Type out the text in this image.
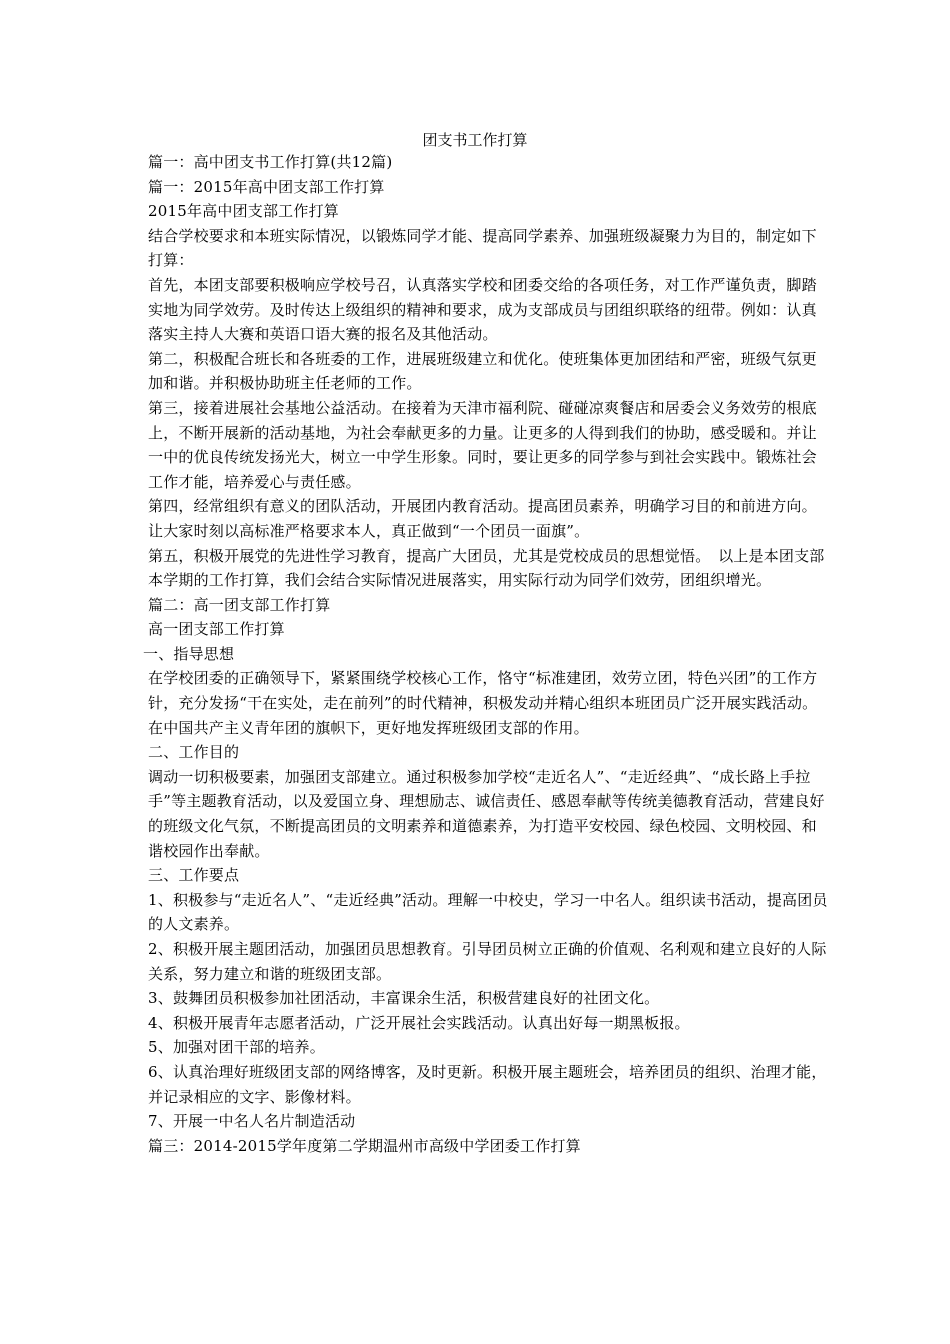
团支书工作打算

篇一：高中团支书工作打算(共12篇)

篇一：2015年高中团支部工作打算

2015年高中团支部工作打算

结合学校要求和本班实际情况，以锻炼同学才能、提高同学素养、加强班级凝聚力为目的，制定如下打算：

首先，本团支部要积极响应学校号召，认真落实学校和团委交给的各项任务，对工作严谨负责，脚踏实地为同学效劳。及时传达上级组织的精神和要求，成为支部成员与团组织联络的纽带。例如：认真落实主持人大赛和英语口语大赛的报名及其他活动。

第二，积极配合班长和各班委的工作，进展班级建立和优化。使班集体更加团结和严密，班级气氛更加和谐。并积极协助班主任老师的工作。

第三，接着进展社会基地公益活动。在接着为天津市福利院、碰碰凉爽餐店和居委会义务效劳的根底上，不断开展新的活动基地，为社会奉献更多的力量。让更多的人得到我们的协助，感受暖和。并让一中的优良传统发扬光大，树立一中学生形象。同时，要让更多的同学参与到社会实践中。锻炼社会工作才能，培养爱心与责任感。

第四，经常组织有意义的团队活动，开展团内教育活动。提高团员素养，明确学习目的和前进方向。让大家时刻以高标准严格要求本人，真正做到“一个团员一面旗”。

第五，积极开展党的先进性学习教育，提高广大团员，尤其是党校成员的思想觉悟。　以上是本团支部本学期的工作打算，我们会结合实际情况进展落实，用实际行动为同学们效劳，团组织增光。

篇二：高一团支部工作打算

高一团支部工作打算

一、指导思想

在学校团委的正确领导下，紧紧围绕学校核心工作，恪守“标准建团，效劳立团，特色兴团”的工作方针，充分发扬“干在实处，走在前列”的时代精神，积极发动并精心组织本班团员广泛开展实践活动。在中国共产主义青年团的旗帜下，更好地发挥班级团支部的作用。

二、工作目的

调动一切积极要素，加强团支部建立。通过积极参加学校“走近名人”、“走近经典”、“成长路上手拉手”等主题教育活动，以及爱国立身、理想励志、诚信责任、感恩奉献等传统美德教育活动，营建良好的班级文化气氛，不断提高团员的文明素养和道德素养，为打造平安校园、绿色校园、文明校园、和谐校园作出奉献。

三、工作要点

1、积极参与“走近名人”、“走近经典”活动。理解一中校史，学习一中名人。组织读书活动，提高团员的人文素养。

2、积极开展主题团活动，加强团员思想教育。引导团员树立正确的价值观、名利观和建立良好的人际关系，努力建立和谐的班级团支部。

3、鼓舞团员积极参加社团活动，丰富课余生活，积极营建良好的社团文化。

4、积极开展青年志愿者活动，广泛开展社会实践活动。认真出好每一期黑板报。

5、加强对团干部的培养。

6、认真治理好班级团支部的网络博客，及时更新。积极开展主题班会，培养团员的组织、治理才能，并记录相应的文字、影像材料。

7、开展一中名人名片制造活动

篇三：2014-2015学年度第二学期温州市高级中学团委工作打算
